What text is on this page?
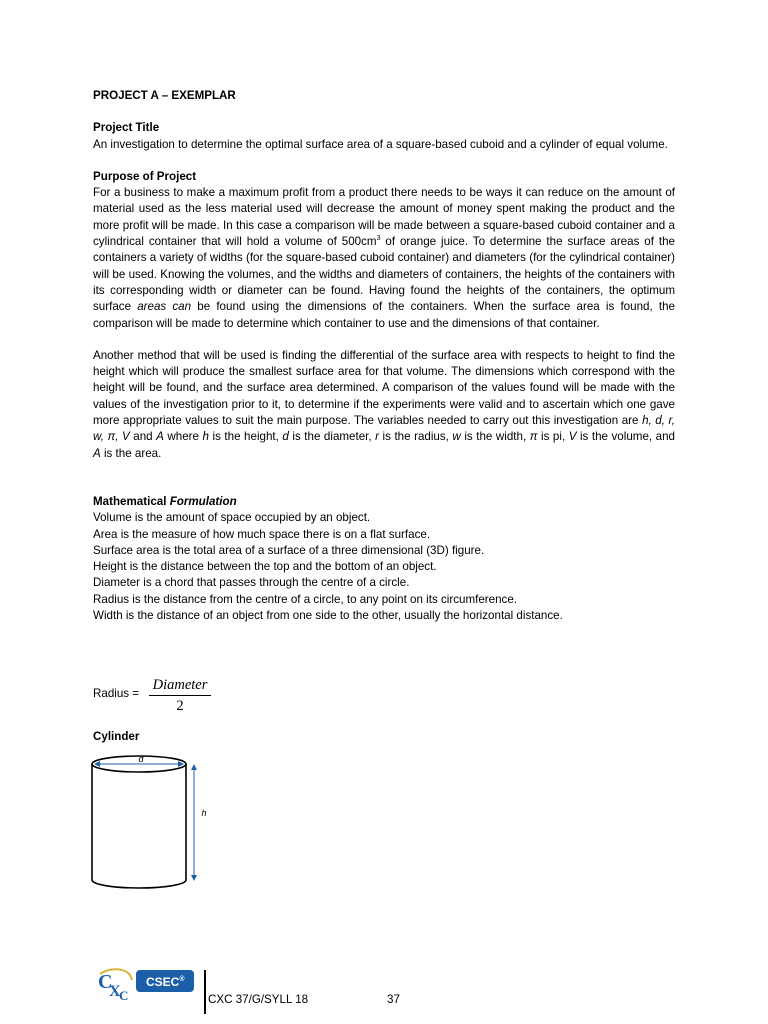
PROJECT A – EXEMPLAR
Project Title

An investigation to determine the optimal surface area of a square-based cuboid and a cylinder of equal volume.

Purpose of Project

For a business to make a maximum profit from a product there needs to be ways it can reduce on the amount of material used as the less material used will decrease the amount of money spent making the product and the more profit will be made. In this case a comparison will be made between a square-based cuboid container and a cylindrical container that will hold a volume of $500cm^3$ of orange juice. To determine the surface areas of the containers a variety of widths (for the square-based cuboid container) and diameters (for the cylindrical container) will be used. Knowing the volumes, and the widths and diameters of containers, the heights of the containers with its corresponding width or diameter can be found. Having found the heights of the containers, the optimum surface areas can be found using the dimensions of the containers. When the surface area is found, the comparison will be made to determine which container to use and the dimensions of that container.

Another method that will be used is finding the differential of the surface area with respects to height to find the height which will produce the smallest surface area for that volume. The dimensions which correspond with the height will be found, and the surface area determined. A comparison of the values found will be made with the values of the investigation prior to it, to determine if the experiments were valid and to ascertain which one gave more appropriate values to suit the main purpose. The variables needed to carry out this investigation are h, d, r, w, π, V and A where h is the height, d is the diameter, r is the radius, w is the width, π is pi, V is the volume, and A is the area.

Mathematical Formulation
Volume is the amount of space occupied by an object.
Area is the measure of how much space there is on a flat surface.
Surface area is the total area of a surface of a three dimensional (3D) figure.
Height is the distance between the top and the bottom of an object.
Diameter is a chord that passes through the centre of a circle.
Radius is the distance from the centre of a circle, to any point on its circumference.
Width is the distance of an object from one side to the other, usually the horizontal distance.
Radius =
Diameter
2
Cylinder
d
h
C
X
C
CSEC®
CXC 37/G/SYLL 18	37
